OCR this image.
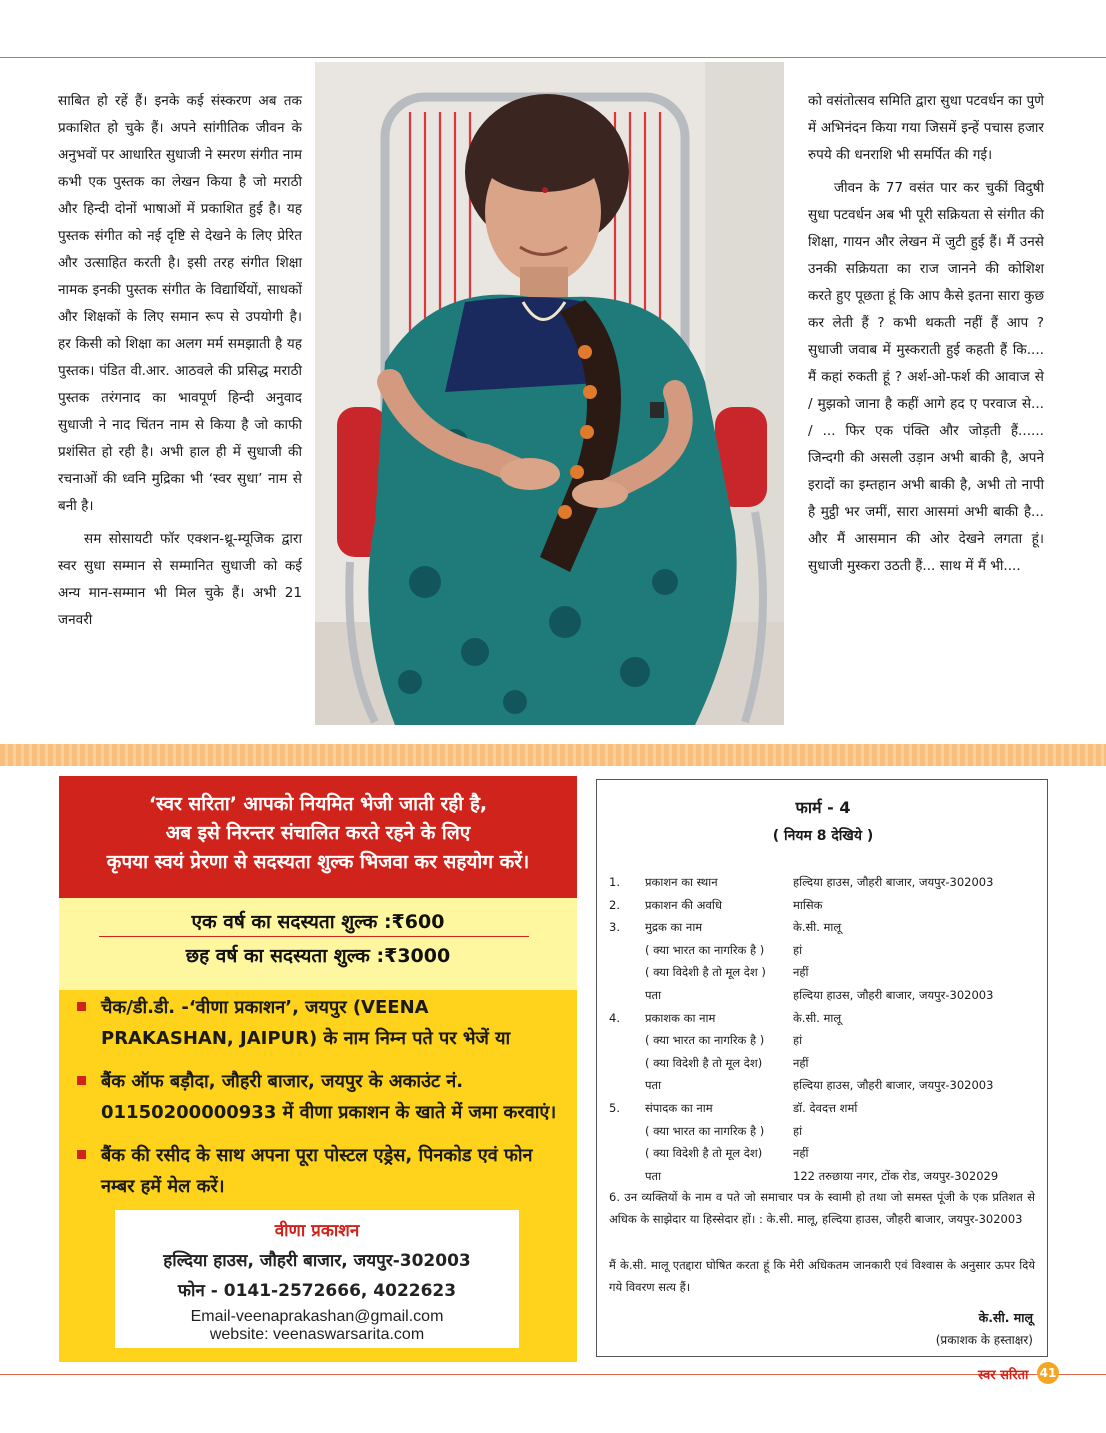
साबित हो रहें हैं। इनके कई संस्करण अब तक प्रकाशित हो चुके हैं। अपने सांगीतिक जीवन के अनुभवों पर आधारित सुधाजी ने स्मरण संगीत नाम कभी एक पुस्तक का लेखन किया है जो मराठी और हिन्दी दोनों भाषाओं में प्रकाशित हुई है। यह पुस्तक संगीत को नई दृष्टि से देखने के लिए प्रेरित और उत्साहित करती है। इसी तरह संगीत शिक्षा नामक इनकी पुस्तक संगीत के विद्यार्थियों, साधकों और शिक्षकों के लिए समान रूप से उपयोगी है। हर किसी को शिक्षा का अलग मर्म समझाती है यह पुस्तक। पंडित वी.आर. आठवले की प्रसिद्ध मराठी पुस्तक तरंगनाद का भावपूर्ण हिन्दी अनुवाद सुधाजी ने नाद चिंतन नाम से किया है जो काफी प्रशंसित हो रही है। अभी हाल ही में सुधाजी की रचनाओं की ध्वनि मुद्रिका भी ‘स्वर सुधा’ नाम से बनी है।

सम सोसायटी फॉर एक्शन-थ्रू-म्यूजिक द्वारा स्वर सुधा सम्मान से सम्मानित सुधाजी को कई अन्य मान-सम्मान भी मिल चुके हैं। अभी 21 जनवरी

को वसंतोत्सव समिति द्वारा सुधा पटवर्धन का पुणे में अभिनंदन किया गया जिसमें इन्हें पचास हजार रुपये की धनराशि भी समर्पित की गई।

जीवन के 77 वसंत पार कर चुकीं विदुषी सुधा पटवर्धन अब भी पूरी सक्रियता से संगीत की शिक्षा, गायन और लेखन में जुटी हुई हैं। मैं उनसे उनकी सक्रियता का राज जानने की कोशिश करते हुए पूछता हूं कि आप कैसे इतना सारा कुछ कर लेती हैं ? कभी थकती नहीं हैं आप ? सुधाजी जवाब में मुस्कराती हुई कहती हैं कि.... मैं कहां रुकती हूं ? अर्श-ओ-फर्श की आवाज से / मुझको जाना है कहीं आगे हद ए परवाज से... / ... फिर एक पंक्ति और जोड़ती हैं...... जिन्दगी की असली उड़ान अभी बाकी है, अपने इरादों का इम्तहान अभी बाकी है, अभी तो नापी है मुट्ठी भर जमीं, सारा आसमां अभी बाकी है... और मैं आसमान की ओर देखने लगता हूं। सुधाजी मुस्करा उठती हैं... साथ में मैं भी....

‘स्वर सरिता’ आपको नियमित भेजी जाती रही है,
अब इसे निरन्तर संचालित करते रहने के लिए
कृपया स्वयं प्रेरणा से सदस्यता शुल्क भिजवा कर सहयोग करें।
एक वर्ष का सदस्यता शुल्क :₹600
छह वर्ष का सदस्यता शुल्क :₹3000
चैक/डी.डी. -‘वीणा प्रकाशन’, जयपुर (VEENA PRAKASHAN, JAIPUR) के नाम निम्न पते पर भेजें या
बैंक ऑफ बड़ौदा, जौहरी बाजार, जयपुर के अकाउंट नं. 01150200000933 में वीणा प्रकाशन के खाते में जमा करवाएं।
बैंक की रसीद के साथ अपना पूरा पोस्टल एड्रेस, पिनकोड एवं फोन नम्बर हमें मेल करें।
वीणा प्रकाशन
हल्दिया हाउस, जौहरी बाजार, जयपुर-302003
फोन - 0141-2572666, 4022623
Email-veenaprakashan@gmail.com
website: veenaswarsarita.com
फार्म - 4
( नियम 8 देखिये )
1. प्रकाशन का स्थान	हल्दिया हाउस, जौहरी बाजार, जयपुर-302003
2. प्रकाशन की अवधि	मासिक
3. मुद्रक का नाम	के.सी. मालू
( क्या भारत का नागरिक है ) हां
( क्या विदेशी है तो मूल देश ) नहीं
पता	हल्दिया हाउस, जौहरी बाजार, जयपुर-302003
4. प्रकाशक का नाम	के.सी. मालू
( क्या भारत का नागरिक है ) हां
( क्या विदेशी है तो मूल देश)	नहीं
पता	हल्दिया हाउस, जौहरी बाजार, जयपुर-302003
5. संपादक का नाम	डॉ. देवदत्त शर्मा
( क्या भारत का नागरिक है ) हां
( क्या विदेशी है तो मूल देश)	नहीं
पता	122 तरुछाया नगर, टोंक रोड, जयपुर-302029

6. उन व्यक्तियों के नाम व पते जो समाचार पत्र के स्वामी हो तथा जो समस्त पूंजी के एक प्रतिशत से अधिक के साझेदार या हिस्सेदार हों। : के.सी. मालू, हल्दिया हाउस, जौहरी बाजार, जयपुर-302003

मैं के.सी. मालू एतद्दारा घोषित करता हूं कि मेरी अधिकतम जानकारी एवं विश्वास के अनुसार ऊपर दिये गये विवरण सत्य हैं।

के.सी. मालू
(प्रकाशक के हस्ताक्षर)
स्वर सरिता 41
